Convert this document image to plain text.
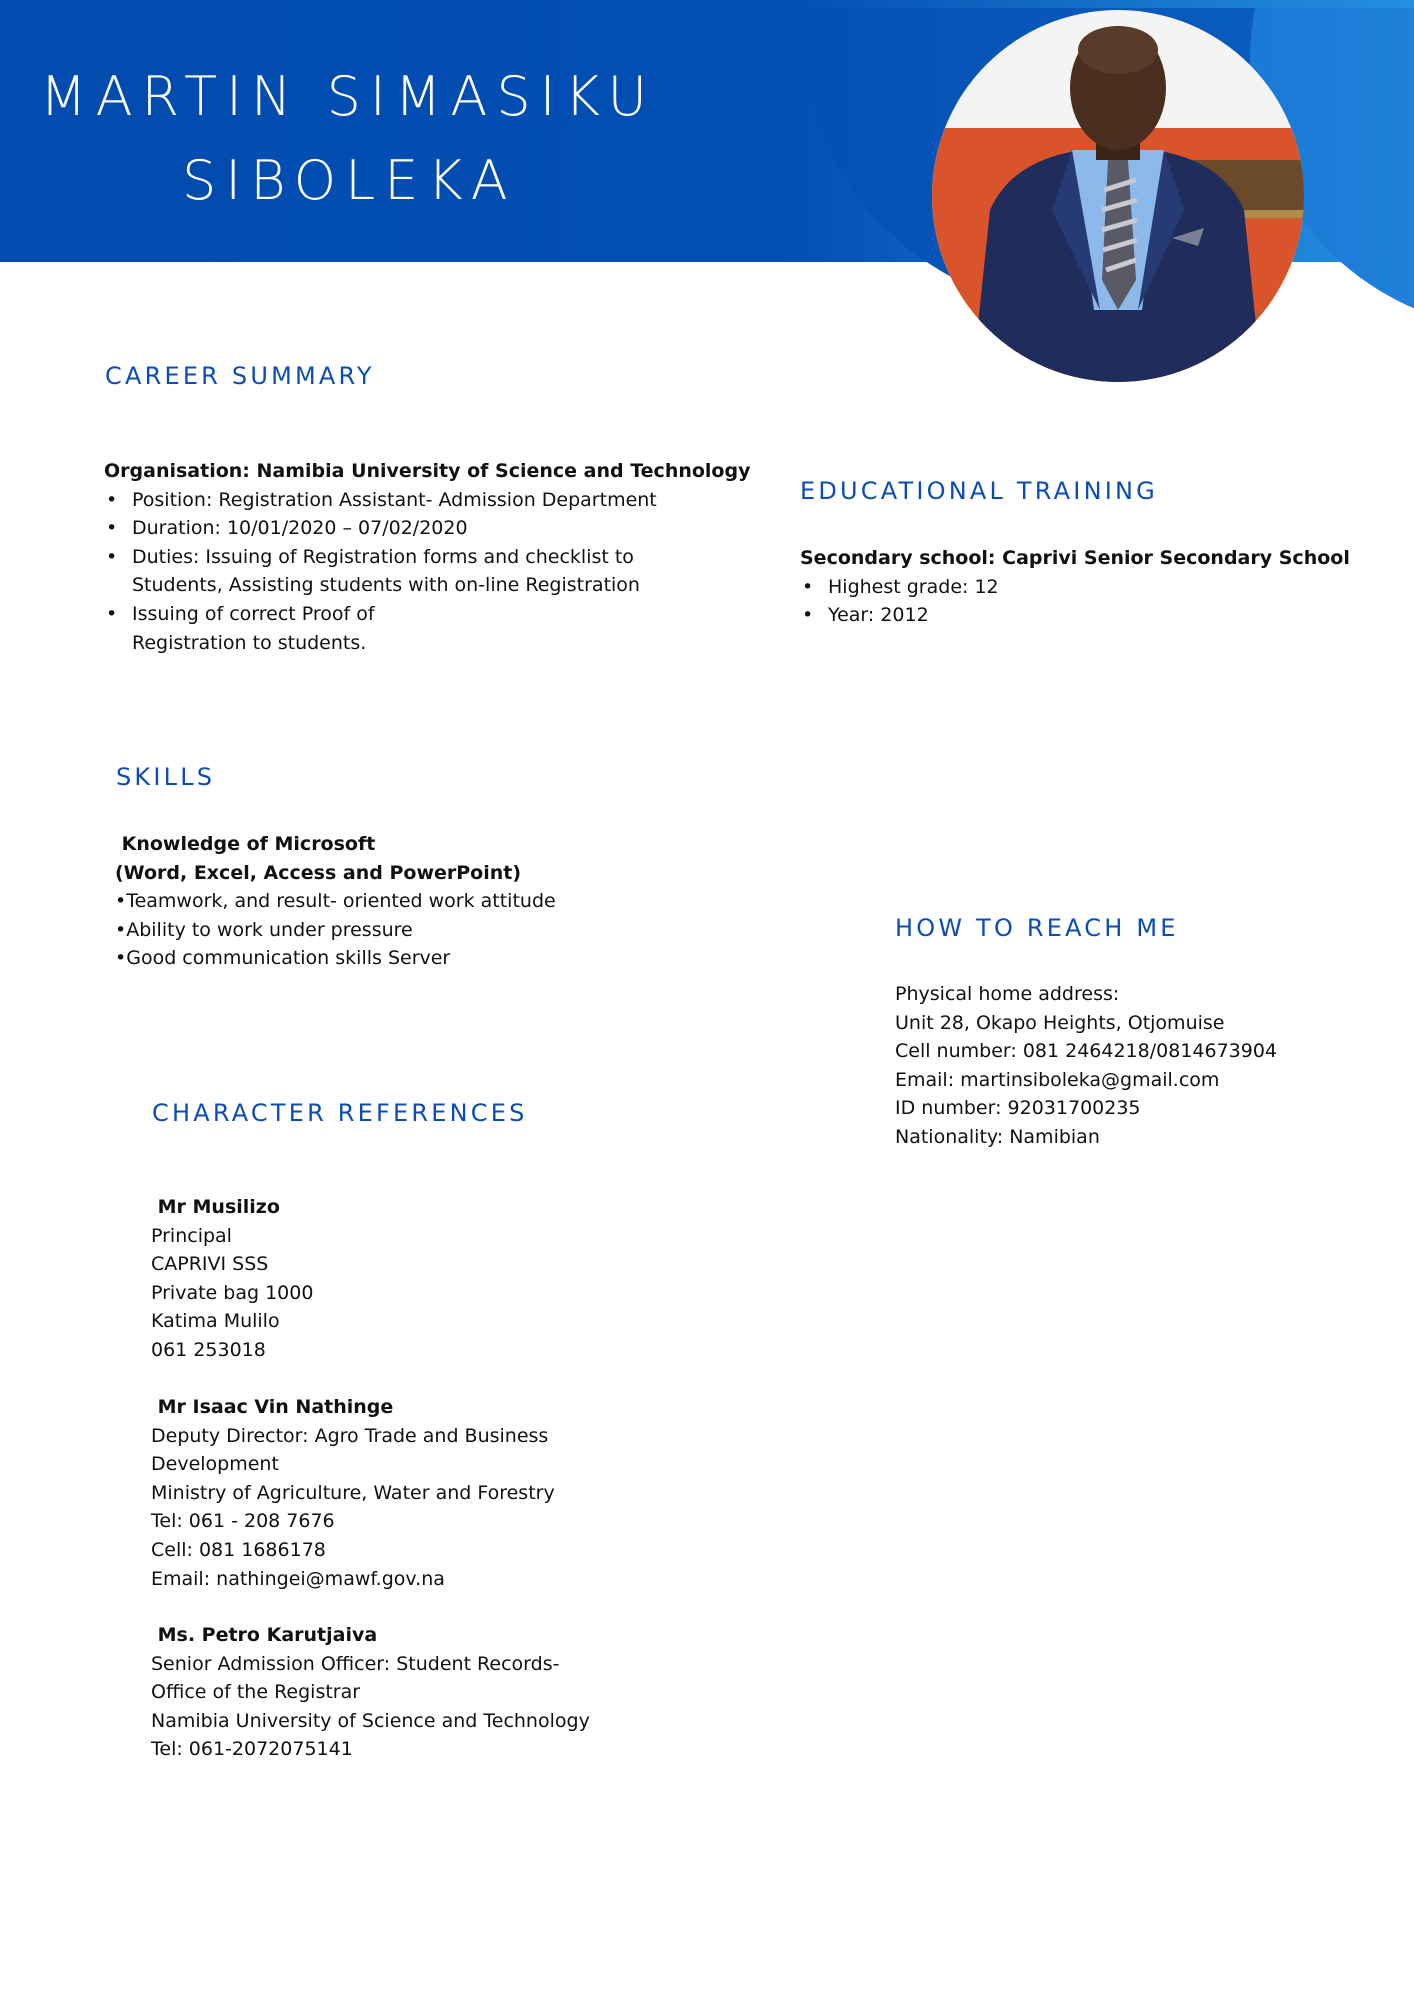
MARTIN SIMASIKU
SIBOLEKA
CAREER SUMMARY
Organisation: Namibia University of Science and Technology
• Position: Registration Assistant- Admission Department
• Duration: 10/01/2020 – 07/02/2020
• Duties: Issuing of Registration forms and checklist to
Students, Assisting students with on-line Registration
• Issuing of correct Proof of
Registration to students.
EDUCATIONAL TRAINING
Secondary school: Caprivi Senior Secondary School
• Highest grade: 12
• Year: 2012
SKILLS
Knowledge of Microsoft
(Word, Excel, Access and PowerPoint)
• Teamwork, and result- oriented work attitude
• Ability to work under pressure
• Good communication skills Server
HOW TO REACH ME
Physical home address:
Unit 28, Okapo Heights, Otjomuise
Cell number: 081 2464218/0814673904
Email: martinsiboleka@gmail.com
ID number: 92031700235
Nationality: Namibian
CHARACTER REFERENCES
Mr Musilizo
Principal
CAPRIVI SSS
Private bag 1000
Katima Mulilo
061 253018
Mr Isaac Vin Nathinge
Deputy Director: Agro Trade and Business
Development
Ministry of Agriculture, Water and Forestry
Tel: 061 - 208 7676
Cell: 081 1686178
Email: nathingei@mawf.gov.na
Ms. Petro Karutjaiva
Senior Admission Officer: Student Records-
Office of the Registrar
Namibia University of Science and Technology
Tel: 061-2072075141
